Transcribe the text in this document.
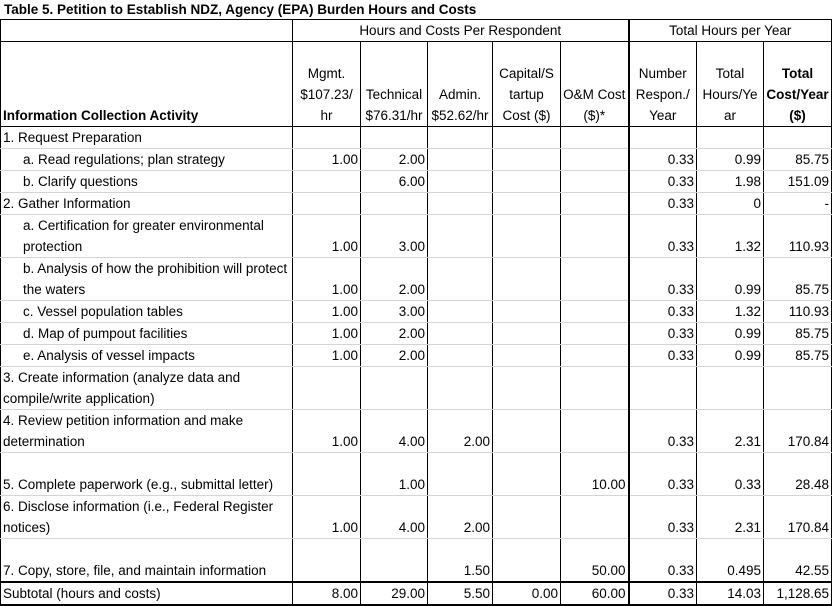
Table 5. Petition to Establish NDZ, Agency (EPA) Burden Hours and Costs
	Hours and Costs Per Respondent					Total Hours per Year		
Information Collection Activity	Mgmt. $107.23/ hr	Technical $76.31/hr	Admin. $52.62/hr	Capital/S tartup Cost ($)	O&M Cost ($)*	Number Respon./ Year	Total Hours/Ye ar	Total Cost/Year ($)
1. Request Preparation								
a. Read regulations; plan strategy	1.00	2.00				0.33	0.99	85.75
b. Clarify questions		6.00				0.33	1.98	151.09
2. Gather Information						0.33	0	-
a. Certification for greater environmental protection	1.00	3.00				0.33	1.32	110.93
b. Analysis of how the prohibition will protect the waters	1.00	2.00				0.33	0.99	85.75
c. Vessel population tables	1.00	3.00				0.33	1.32	110.93
d. Map of pumpout facilities	1.00	2.00				0.33	0.99	85.75
e. Analysis of vessel impacts	1.00	2.00				0.33	0.99	85.75
3. Create information (analyze data and compile/write application)								
4. Review petition information and make determination	1.00	4.00	2.00			0.33	2.31	170.84
5. Complete paperwork (e.g., submittal letter)		1.00			10.00	0.33	0.33	28.48
6. Disclose information (i.e., Federal Register notices)	1.00	4.00	2.00			0.33	2.31	170.84
7. Copy, store, file, and maintain information			1.50		50.00	0.33	0.495	42.55
Subtotal (hours and costs)	8.00	29.00	5.50	0.00	60.00	0.33	14.03	1,128.65
